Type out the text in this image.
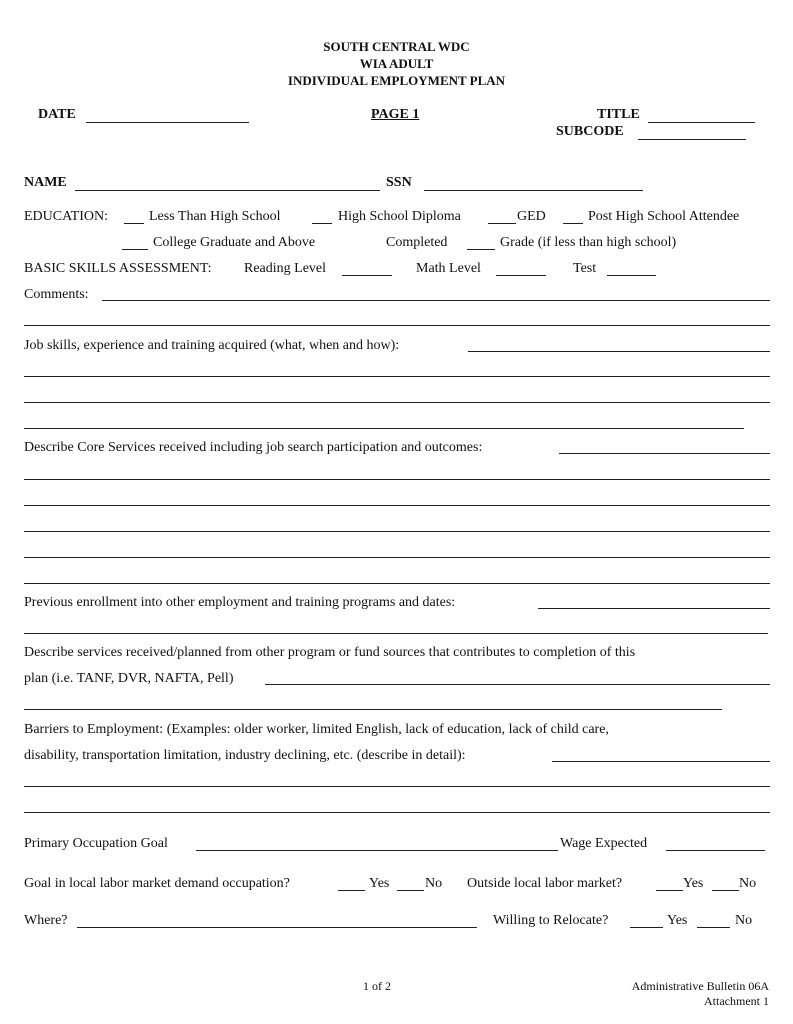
SOUTH CENTRAL WDC
WIA ADULT
INDIVIDUAL EMPLOYMENT PLAN
DATE	PAGE 1	TITLE
SUBCODE
NAME	SSN
EDUCATION:	Less Than High School	High School Diploma	GED	Post High School Attendee
College Graduate and Above	Completed	Grade (if less than high school)
BASIC SKILLS ASSESSMENT: Reading Level	Math Level	Test
Comments:
Job skills, experience and training acquired (what, when and how):
Describe Core Services received including job search participation and outcomes:
Previous enrollment into other employment and training programs and dates:
Describe services received/planned from other program or fund sources that contributes to completion of this
plan (i.e. TANF, DVR, NAFTA, Pell)
Barriers to Employment: (Examples: older worker, limited English, lack of education, lack of child care,
disability, transportation limitation, industry declining, etc. (describe in detail):
Primary Occupation Goal	Wage Expected
Goal in local labor market demand occupation?	Yes	No Outside local labor market?	Yes	No
Where?	Willing to Relocate?	Yes	No
1 of 2	Administrative Bulletin 06A
Attachment 1
